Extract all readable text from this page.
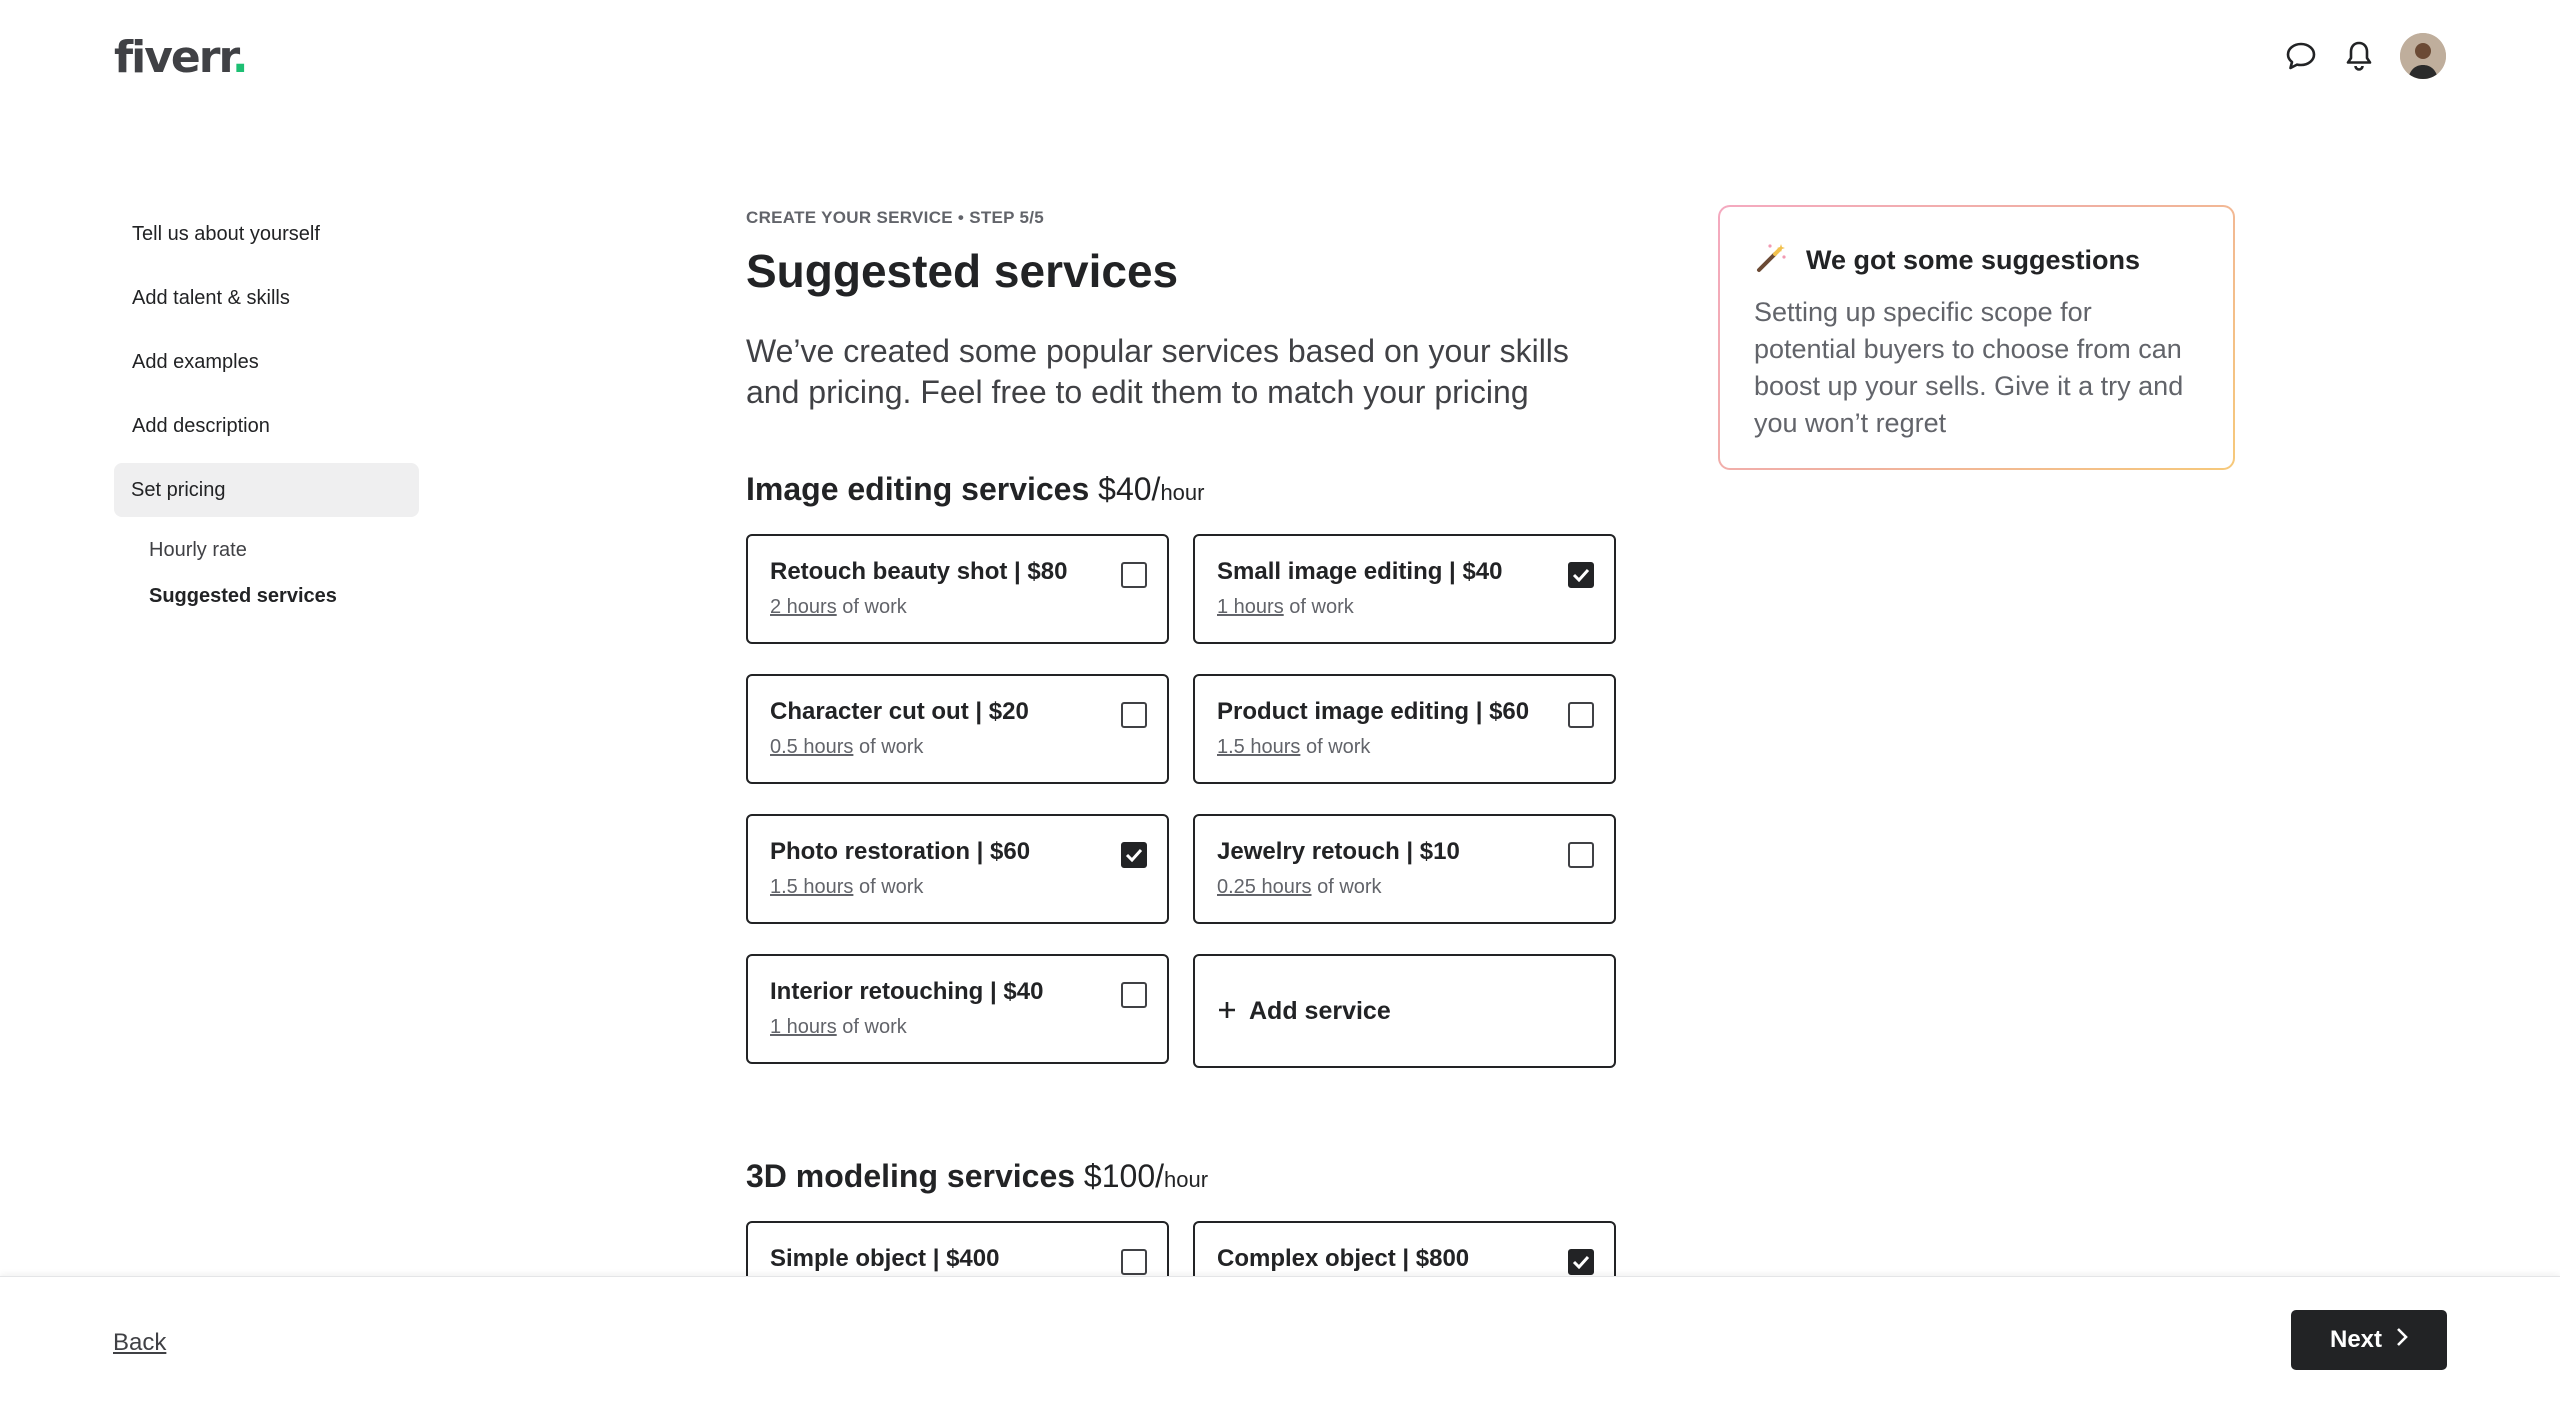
fiverr.
Tell us about yourself
Add talent & skills
Add examples
Add description
Set pricing
Hourly rate
Suggested services
CREATE YOUR SERVICE • STEP 5/5
Suggested services

We’ve created some popular services based on your skills and pricing. Feel free to edit them to match your pricing

Image editing services $40/hour
Retouch beauty shot | $80
2 hours of work
Small image editing | $40
1 hours of work
Character cut out | $20
0.5 hours of work
Product image editing | $60
1.5 hours of work
Photo restoration | $60
1.5 hours of work
Jewelry retouch | $10
0.25 hours of work
Interior retouching | $40
1 hours of work
Add service
3D modeling services $100/hour
Simple object | $400	Complex object | $800
We got some suggestions

Setting up specific scope for potential buyers to choose from can boost up your sells. Give it a try and you won’t regret

Back	Next
